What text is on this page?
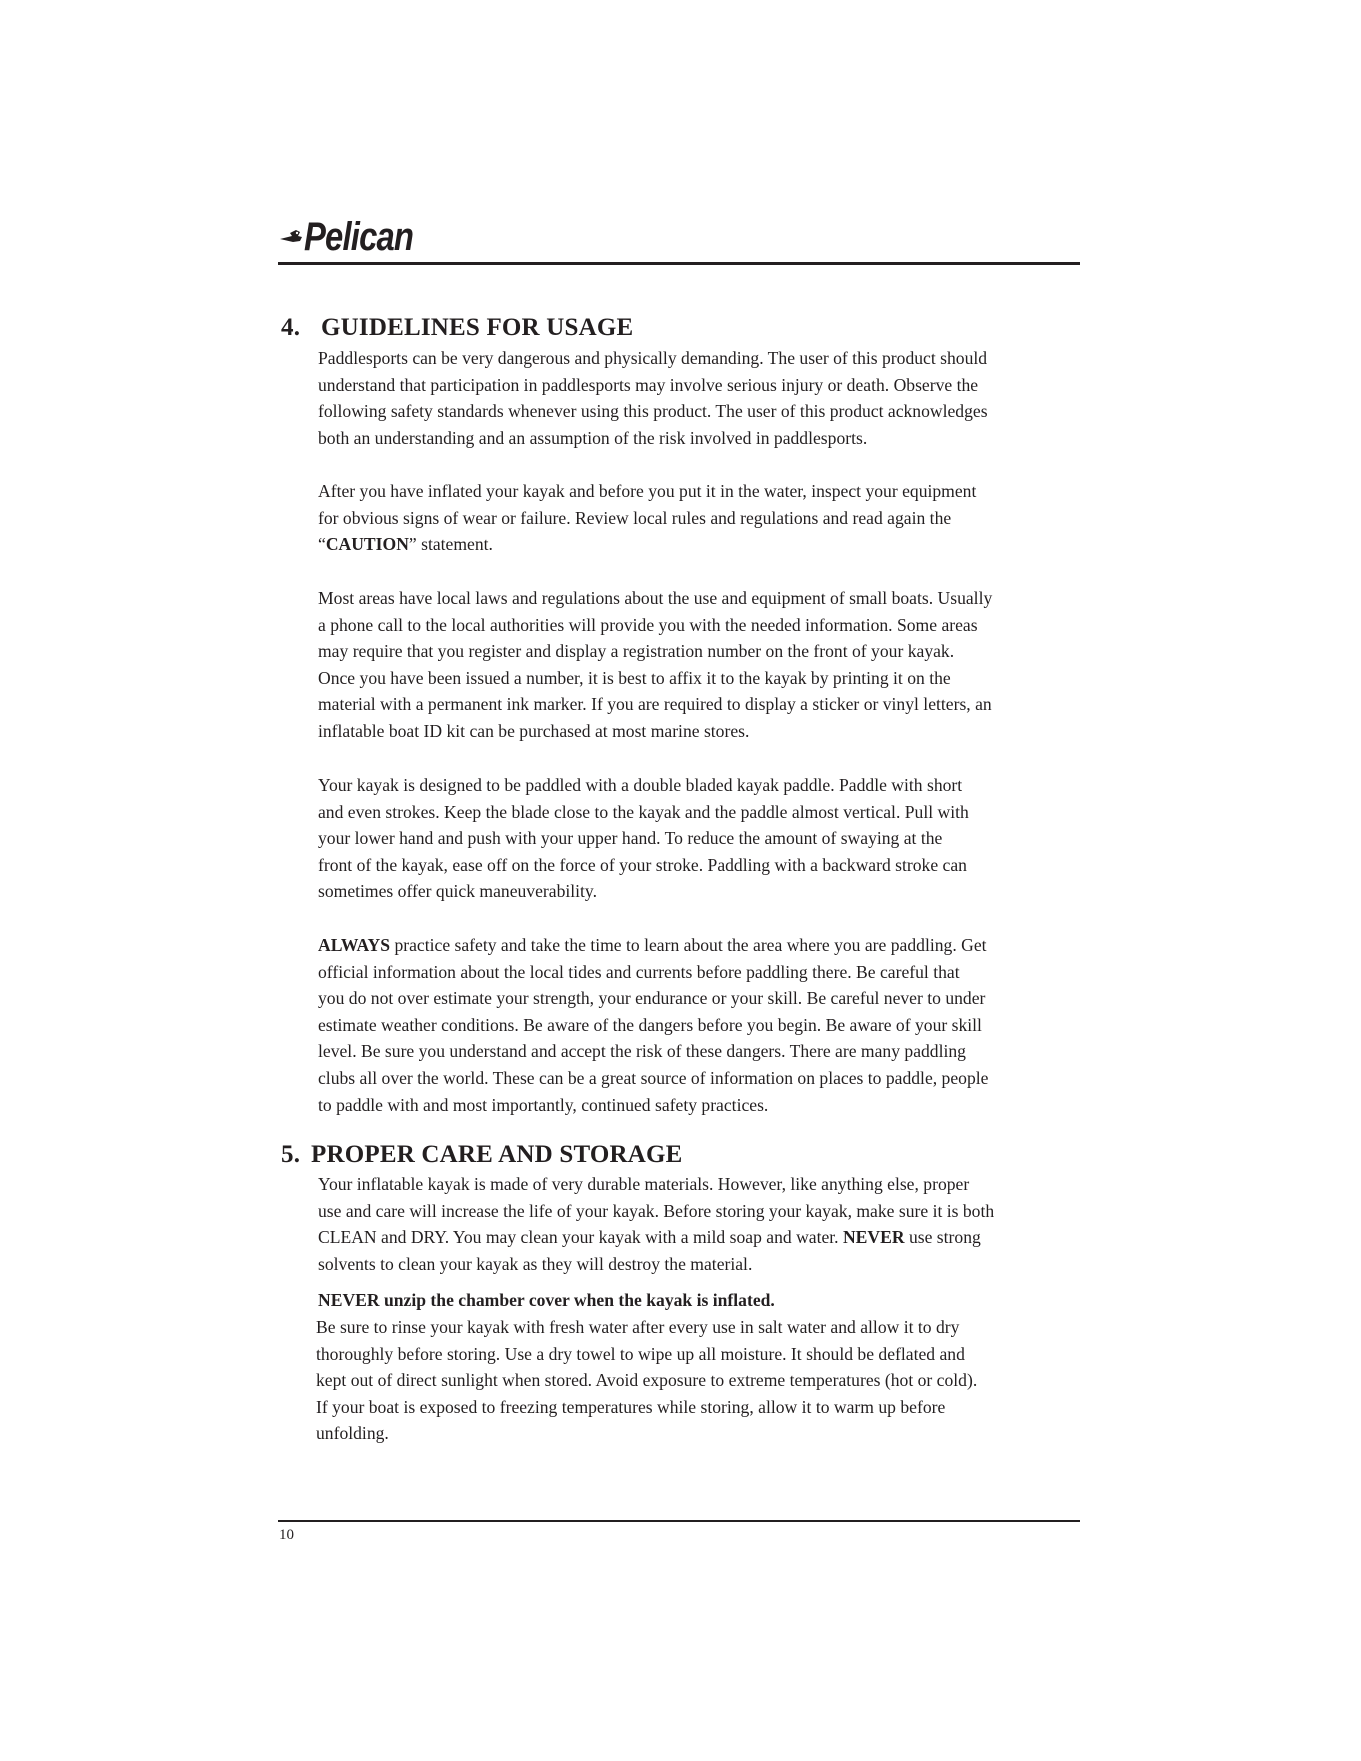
Pelican
4. GUIDELINES FOR USAGE

Paddlesports can be very dangerous and physically demanding. The user of this product should
understand that participation in paddlesports may involve serious injury or death. Observe the
following safety standards whenever using this product. The user of this product acknowledges
both an understanding and an assumption of the risk involved in paddlesports.

After you have inflated your kayak and before you put it in the water, inspect your equipment
for obvious signs of wear or failure. Review local rules and regulations and read again the
“CAUTION” statement.

Most areas have local laws and regulations about the use and equipment of small boats. Usually
a phone call to the local authorities will provide you with the needed information. Some areas
may require that you register and display a registration number on the front of your kayak.
Once you have been issued a number, it is best to affix it to the kayak by printing it on the
material with a permanent ink marker. If you are required to display a sticker or vinyl letters, an
inflatable boat ID kit can be purchased at most marine stores.

Your kayak is designed to be paddled with a double bladed kayak paddle. Paddle with short
and even strokes. Keep the blade close to the kayak and the paddle almost vertical. Pull with
your lower hand and push with your upper hand. To reduce the amount of swaying at the
front of the kayak, ease off on the force of your stroke. Paddling with a backward stroke can
sometimes offer quick maneuverability.

ALWAYS practice safety and take the time to learn about the area where you are paddling. Get
official information about the local tides and currents before paddling there. Be careful that
you do not over estimate your strength, your endurance or your skill. Be careful never to under
estimate weather conditions. Be aware of the dangers before you begin. Be aware of your skill
level. Be sure you understand and accept the risk of these dangers. There are many paddling
clubs all over the world. These can be a great source of information on places to paddle, people
to paddle with and most importantly, continued safety practices.

5. PROPER CARE AND STORAGE

Your inflatable kayak is made of very durable materials. However, like anything else, proper
use and care will increase the life of your kayak. Before storing your kayak, make sure it is both
CLEAN and DRY. You may clean your kayak with a mild soap and water. NEVER use strong
solvents to clean your kayak as they will destroy the material.

NEVER unzip the chamber cover when the kayak is inflated.

Be sure to rinse your kayak with fresh water after every use in salt water and allow it to dry
thoroughly before storing. Use a dry towel to wipe up all moisture. It should be deflated and
kept out of direct sunlight when stored. Avoid exposure to extreme temperatures (hot or cold).
If your boat is exposed to freezing temperatures while storing, allow it to warm up before
unfolding.

10
